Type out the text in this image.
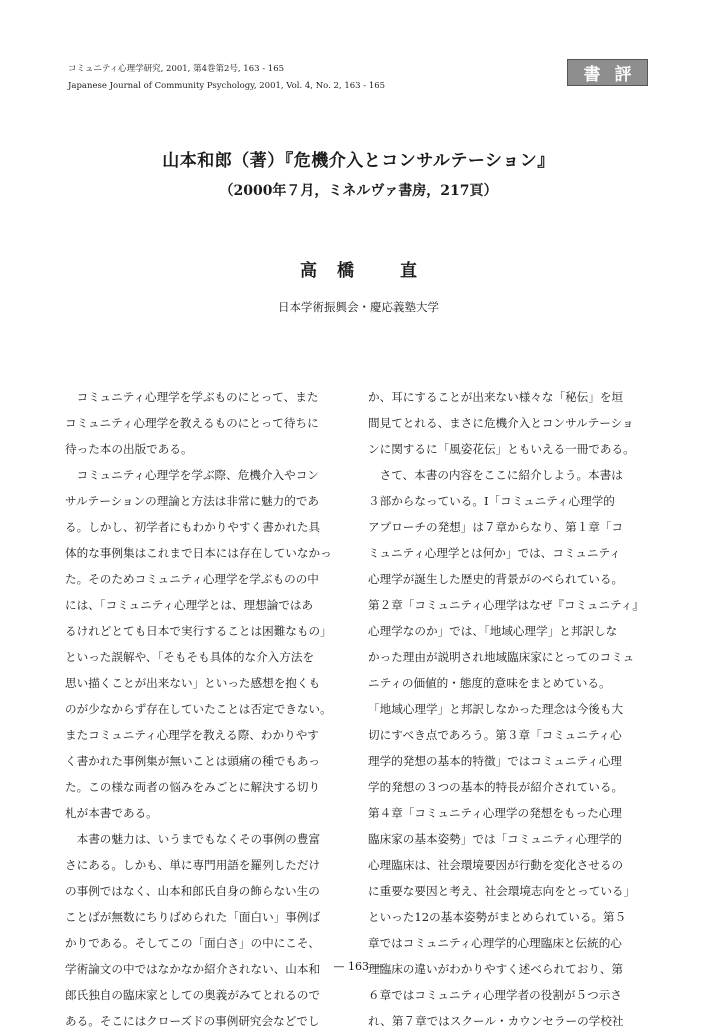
コミュニティ心理学研究, 2001, 第4巻第2号, 163 - 165
Japanese Journal of Community Psychology, 2001, Vol. 4, No. 2, 163 - 165
書評
山本和郎（著）『危機介入とコンサルテーション』
（2000年７月，ミネルヴァ書房，217頁）
高橋 直
日本学術振興会・慶応義塾大学
　コミュニティ心理学を学ぶものにとって、また
コミュニティ心理学を教えるものにとって待ちに
待った本の出版である。
　コミュニティ心理学を学ぶ際、危機介入やコン
サルテーションの理論と方法は非常に魅力的であ
る。しかし、初学者にもわかりやすく書かれた具
体的な事例集はこれまで日本には存在していなかっ
た。そのためコミュニティ心理学を学ぶものの中
には、「コミュニティ心理学とは、理想論ではあ
るけれどとても日本で実行することは困難なもの」
といった誤解や、「そもそも具体的な介入方法を
思い描くことが出来ない」といった感想を抱くも
のが少なからず存在していたことは否定できない。
またコミュニティ心理学を教える際、わかりやす
く書かれた事例集が無いことは頭痛の種でもあっ
た。この様な両者の悩みをみごとに解決する切り
札が本書である。
　本書の魅力は、いうまでもなくその事例の豊富
さにある。しかも、単に専門用語を羅列しただけ
の事例ではなく、山本和郎氏自身の飾らない生の
ことばが無数にちりばめられた「面白い」事例ば
かりである。そしてこの「面白さ」の中にこそ、
学術論文の中ではなかなか紹介されない、山本和
郎氏独自の臨床家としての奥義がみてとれるので
ある。そこにはクローズドの事例研究会などでし
か、耳にすることが出来ない様々な「秘伝」を垣
間見てとれる、まさに危機介入とコンサルテーショ
ンに関するに「風姿花伝」ともいえる一冊である。
　さて、本書の内容をここに紹介しよう。本書は
３部からなっている。Ⅰ「コミュニティ心理学的
アプローチの発想」は７章からなり、第１章「コ
ミュニティ心理学とは何か」では、コミュニティ
心理学が誕生した歴史的背景がのべられている。
第２章「コミュニティ心理学はなぜ『コミュニティ』
心理学なのか」では、「地域心理学」と邦訳しな
かった理由が説明され地域臨床家にとってのコミュ
ニティの価値的・態度的意味をまとめている。
「地域心理学」と邦訳しなかった理念は今後も大
切にすべき点であろう。第３章「コミュニティ心
理学的発想の基本的特徴」ではコミュニティ心理
学的発想の３つの基本的特長が紹介されている。
第４章「コミュニティ心理学の発想をもった心理
臨床家の基本姿勢」では「コミュニティ心理学的
心理臨床は、社会環境要因が行動を変化させるの
に重要な要因と考え、社会環境志向をとっている」
といった12の基本姿勢がまとめられている。第５
章ではコミュニティ心理学的心理臨床と伝統的心
理臨床の違いがわかりやすく述べられており、第
６章ではコミュニティ心理学者の役割が５つ示さ
れ、第７章ではスクール・カウンセラーの学校社
— 163 —
